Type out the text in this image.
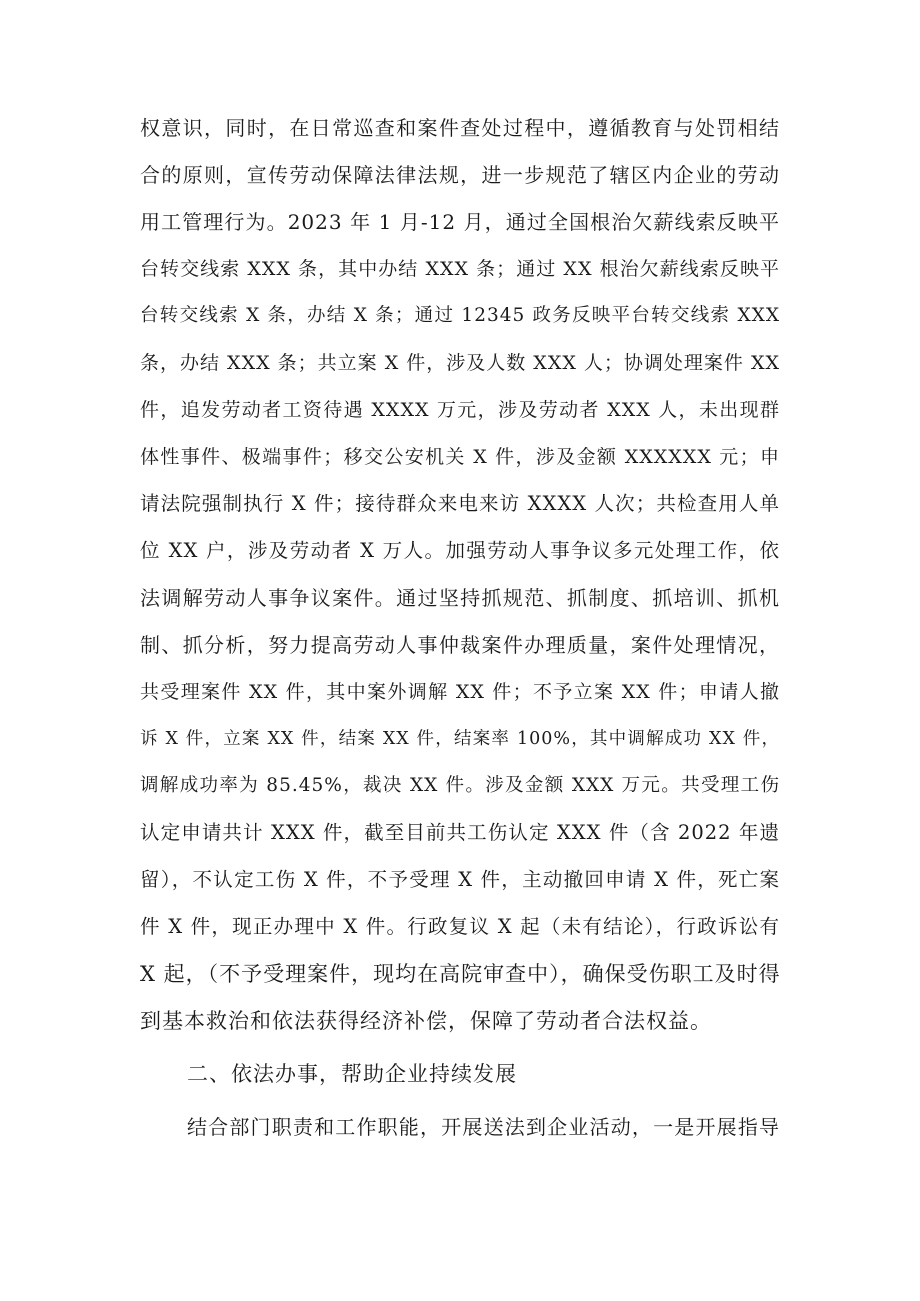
权意识，同时，在日常巡查和案件查处过程中，遵循教育与处罚相结
合的原则，宣传劳动保障法律法规，进一步规范了辖区内企业的劳动
用工管理行为。2023 年 1 月-12 月，通过全国根治欠薪线索反映平
台转交线索 XXX 条，其中办结 XXX 条；通过 XX 根治欠薪线索反映平
台转交线索 X 条，办结 X 条；通过 12345 政务反映平台转交线索 XXX
条，办结 XXX 条；共立案 X 件，涉及人数 XXX 人；协调处理案件 XX
件，追发劳动者工资待遇 XXXX 万元，涉及劳动者 XXX 人，未出现群
体性事件、极端事件；移交公安机关 X 件，涉及金额 XXXXXX 元；申
请法院强制执行 X 件；接待群众来电来访 XXXX 人次；共检查用人单
位 XX 户，涉及劳动者 X 万人。加强劳动人事争议多元处理工作，依
法调解劳动人事争议案件。通过坚持抓规范、抓制度、抓培训、抓机
制、抓分析，努力提高劳动人事仲裁案件办理质量，案件处理情况，
共受理案件 XX 件，其中案外调解 XX 件；不予立案 XX 件；申请人撤
诉 X 件，立案 XX 件，结案 XX 件，结案率 100%，其中调解成功 XX 件，
调解成功率为 85.45%，裁决 XX 件。涉及金额 XXX 万元。共受理工伤
认定申请共计 XXX 件，截至目前共工伤认定 XXX 件（含 2022 年遗
留），不认定工伤 X 件，不予受理 X 件，主动撤回申请 X 件，死亡案
件 X 件，现正办理中 X 件。行政复议 X 起（未有结论），行政诉讼有
X 起，（不予受理案件，现均在高院审查中），确保受伤职工及时得
到基本救治和依法获得经济补偿，保障了劳动者合法权益。
二、依法办事，帮助企业持续发展
结合部门职责和工作职能，开展送法到企业活动，一是开展指导
